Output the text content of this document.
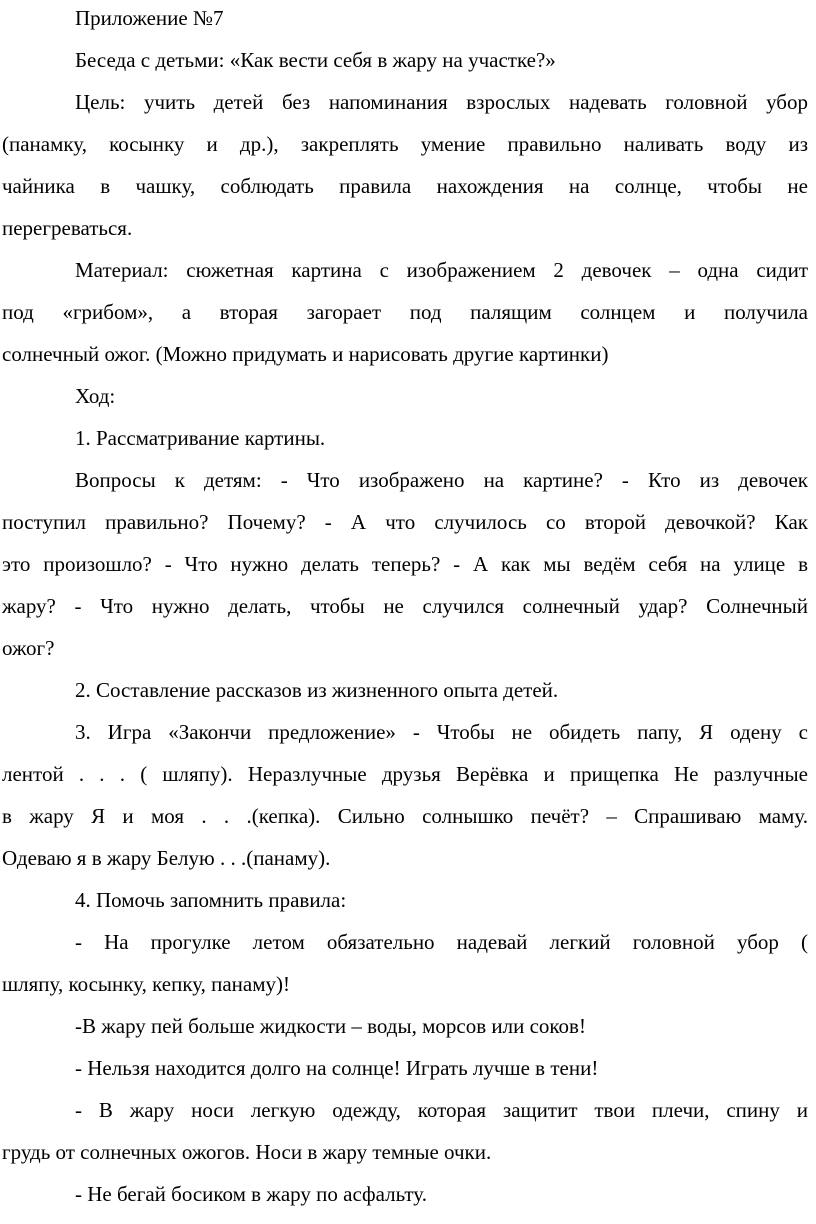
Приложение №7
Беседа с детьми: «Как вести себя в жару на участке?»
Цель: учить детей без напоминания взрослых надевать головной убор
(панамку, косынку и др.), закреплять умение правильно наливать воду из
чайника в чашку, соблюдать правила нахождения на солнце, чтобы не
перегреваться.
Материал: сюжетная картина с изображением 2 девочек – одна сидит
под «грибом», а вторая загорает под палящим солнцем и получила
солнечный ожог. (Можно придумать и нарисовать другие картинки)
Ход:
1. Рассматривание картины.
Вопросы к детям: - Что изображено на картине? - Кто из девочек
поступил правильно? Почему? - А что случилось со второй девочкой? Как
это произошло? - Что нужно делать теперь? - А как мы ведём себя на улице в
жару? - Что нужно делать, чтобы не случился солнечный удар? Солнечный
ожог?
2. Составление рассказов из жизненного опыта детей.
3. Игра «Закончи предложение» - Чтобы не обидеть папу, Я одену с
лентой . . . ( шляпу). Неразлучные друзья Верёвка и прищепка Не разлучные
в жару Я и моя . . .(кепка). Сильно солнышко печёт? – Спрашиваю маму.
Одеваю я в жару Белую . . .(панаму).
4. Помочь запомнить правила:
- На прогулке летом обязательно надевай легкий головной убор (
шляпу, косынку, кепку, панаму)!
-В жару пей больше жидкости – воды, морсов или соков!
- Нельзя находится долго на солнце! Играть лучше в тени!
- В жару носи легкую одежду, которая защитит твои плечи, спину и
грудь от солнечных ожогов. Носи в жару темные очки.
- Не бегай босиком в жару по асфальту.
